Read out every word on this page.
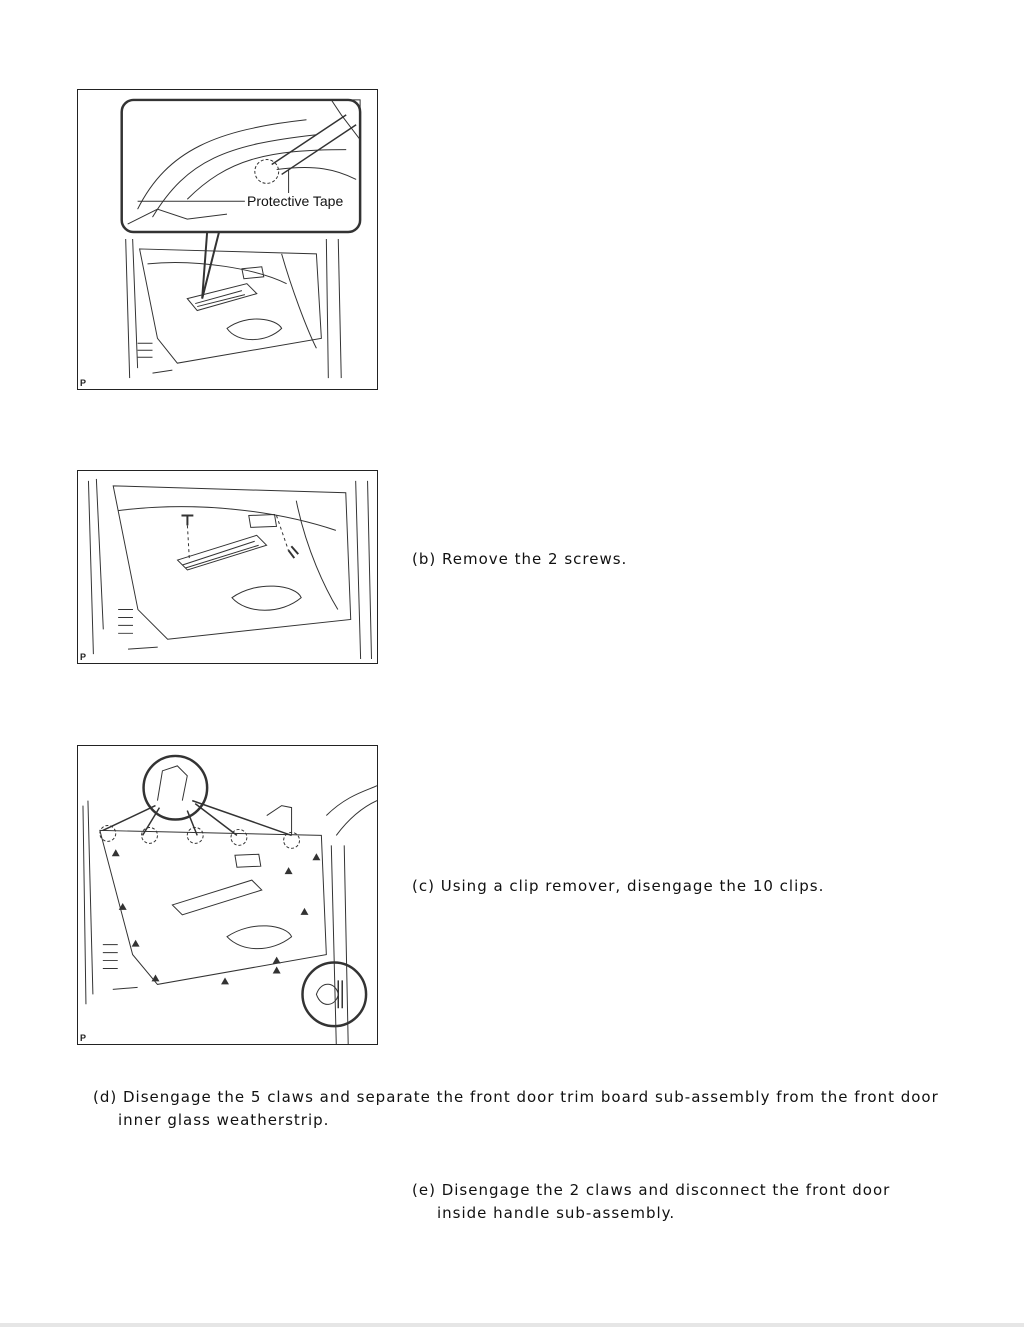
Protective Tape
P
P

(b) Remove the 2 screws.

P

(c) Using a clip remover, disengage the 10 clips.

(d) Disengage the 5 claws and separate the front door trim board sub-assembly from the front door
inner glass weatherstrip.

(e) Disengage the 2 claws and disconnect the front door
inside handle sub-assembly.
